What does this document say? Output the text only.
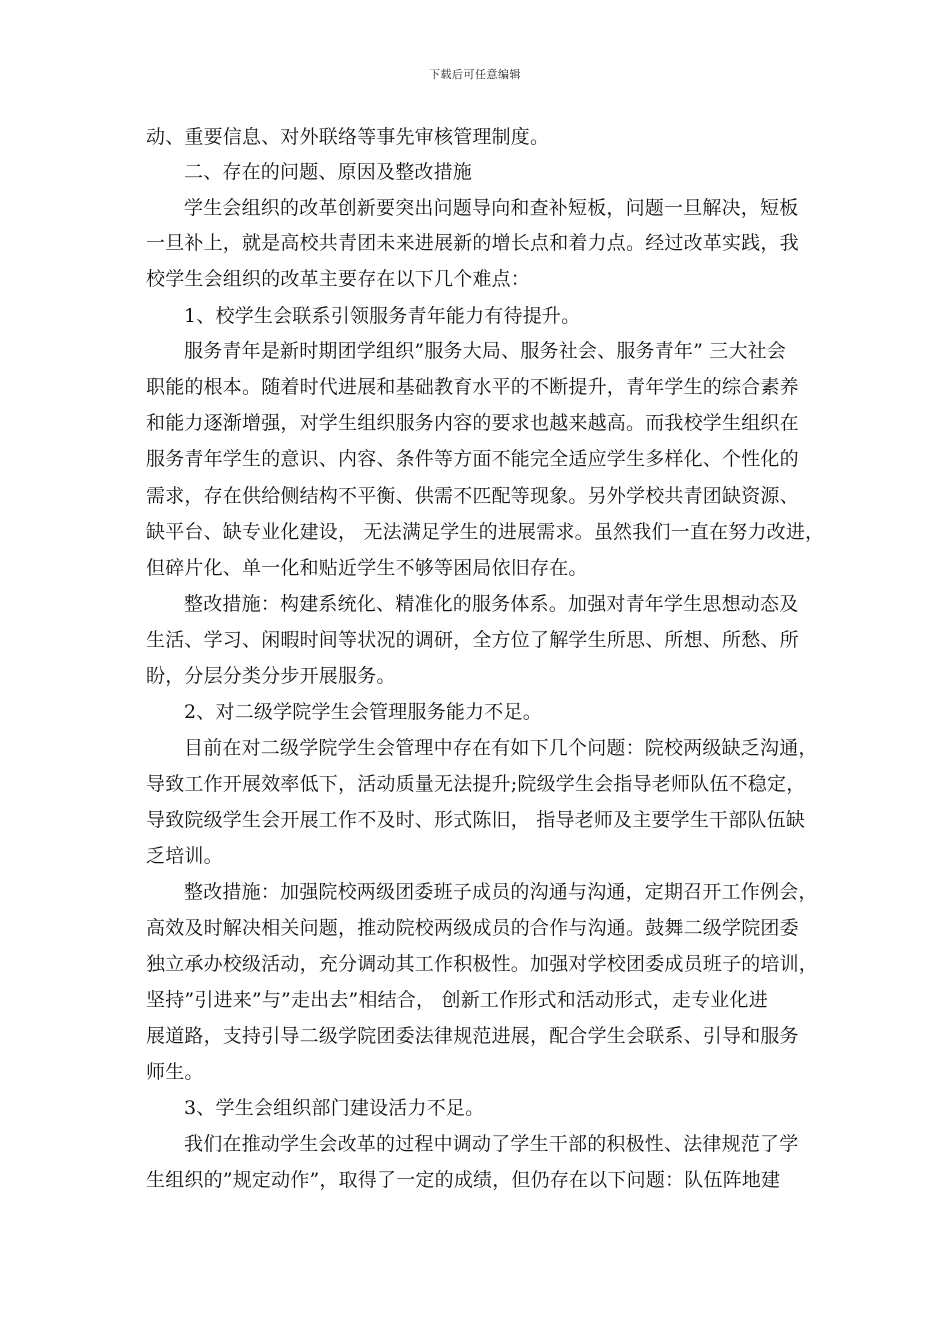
下载后可任意编辑
动、重要信息、对外联络等事先审核管理制度。
二、存在的问题、原因及整改措施
学生会组织的改革创新要突出问题导向和查补短板，问题一旦解决，短板
一旦补上，就是高校共青团未来进展新的增长点和着力点。经过改革实践，我
校学生会组织的改革主要存在以下几个难点：
1、校学生会联系引领服务青年能力有待提升。
服务青年是新时期团学组织”服务大局、服务社会、服务青年” 三大社会
职能的根本。随着时代进展和基础教育水平的不断提升，青年学生的综合素养
和能力逐渐增强，对学生组织服务内容的要求也越来越高。而我校学生组织在
服务青年学生的意识、内容、条件等方面不能完全适应学生多样化、个性化的
需求，存在供给侧结构不平衡、供需不匹配等现象。另外学校共青团缺资源、
缺平台、缺专业化建设， 无法满足学生的进展需求。虽然我们一直在努力改进，
但碎片化、单一化和贴近学生不够等困局依旧存在。
整改措施：构建系统化、精准化的服务体系。加强对青年学生思想动态及
生活、学习、闲暇时间等状况的调研，全方位了解学生所思、所想、所愁、所
盼，分层分类分步开展服务。
2、对二级学院学生会管理服务能力不足。
目前在对二级学院学生会管理中存在有如下几个问题：院校两级缺乏沟通，
导致工作开展效率低下，活动质量无法提升;院级学生会指导老师队伍不稳定，
导致院级学生会开展工作不及时、形式陈旧， 指导老师及主要学生干部队伍缺
乏培训。
整改措施：加强院校两级团委班子成员的沟通与沟通，定期召开工作例会，
高效及时解决相关问题，推动院校两级成员的合作与沟通。鼓舞二级学院团委
独立承办校级活动，充分调动其工作积极性。加强对学校团委成员班子的培训，
坚持”引进来”与”走出去”相结合， 创新工作形式和活动形式，走专业化进
展道路，支持引导二级学院团委法律规范进展，配合学生会联系、引导和服务
师生。
3、学生会组织部门建设活力不足。
我们在推动学生会改革的过程中调动了学生干部的积极性、法律规范了学
生组织的”规定动作”，取得了一定的成绩，但仍存在以下问题：队伍阵地建
